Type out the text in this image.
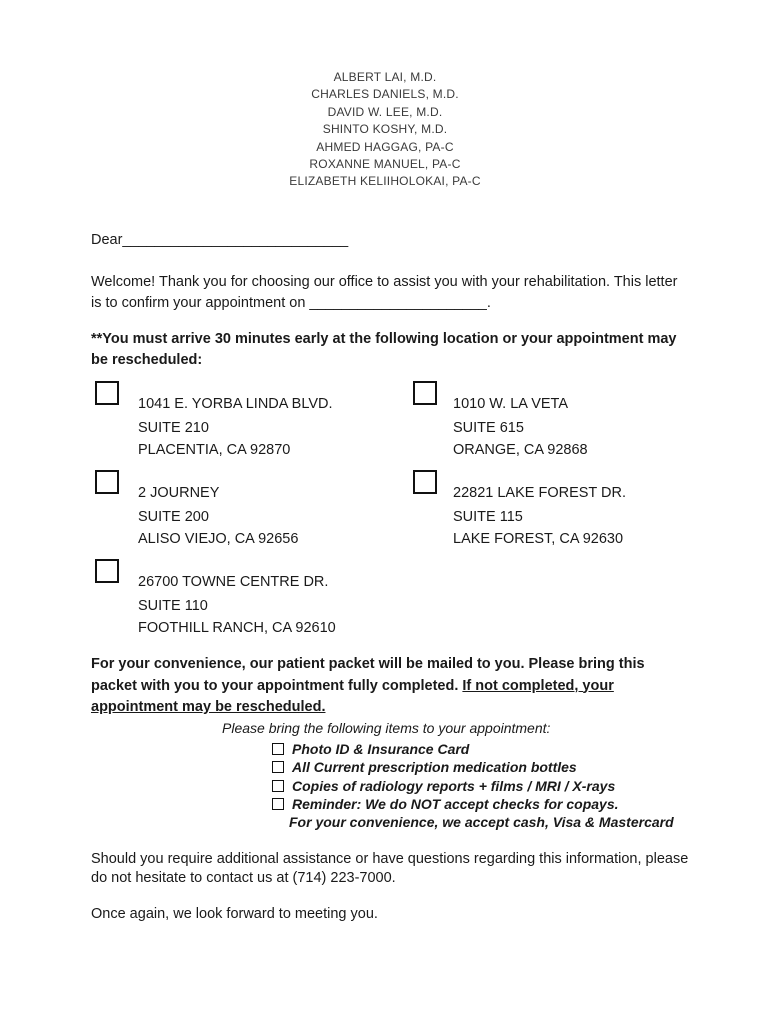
ALBERT LAI, M.D.
CHARLES DANIELS, M.D.
DAVID W. LEE, M.D.
SHINTO KOSHY, M.D.
AHMED HAGGAG, PA-C
ROXANNE MANUEL, PA-C
ELIZABETH KELIIHOLOKAI, PA-C
Dear____________________________
Welcome! Thank you for choosing our office to assist you with your rehabilitation. This letter is to confirm your appointment on ______________________.
**You must arrive 30 minutes early at the following location or your appointment may be rescheduled:
1041 E. YORBA LINDA BLVD.
SUITE 210
PLACENTIA, CA 92870
1010 W. LA VETA
SUITE 615
ORANGE, CA 92868
2 JOURNEY
SUITE 200
ALISO VIEJO, CA 92656
22821 LAKE FOREST DR.
SUITE 115
LAKE FOREST, CA 92630
26700 TOWNE CENTRE DR.
SUITE 110
FOOTHILL RANCH, CA 92610
For your convenience, our patient packet will be mailed to you. Please bring this packet with you to your appointment fully completed. If not completed, your appointment may be rescheduled.
Please bring the following items to your appointment:
Photo ID & Insurance Card
All Current prescription medication bottles
Copies of radiology reports + films / MRI / X-rays
Reminder: We do NOT accept checks for copays.
For your convenience, we accept cash, Visa & Mastercard
Should you require additional assistance or have questions regarding this information, please do not hesitate to contact us at (714) 223-7000.
Once again, we look forward to meeting you.
